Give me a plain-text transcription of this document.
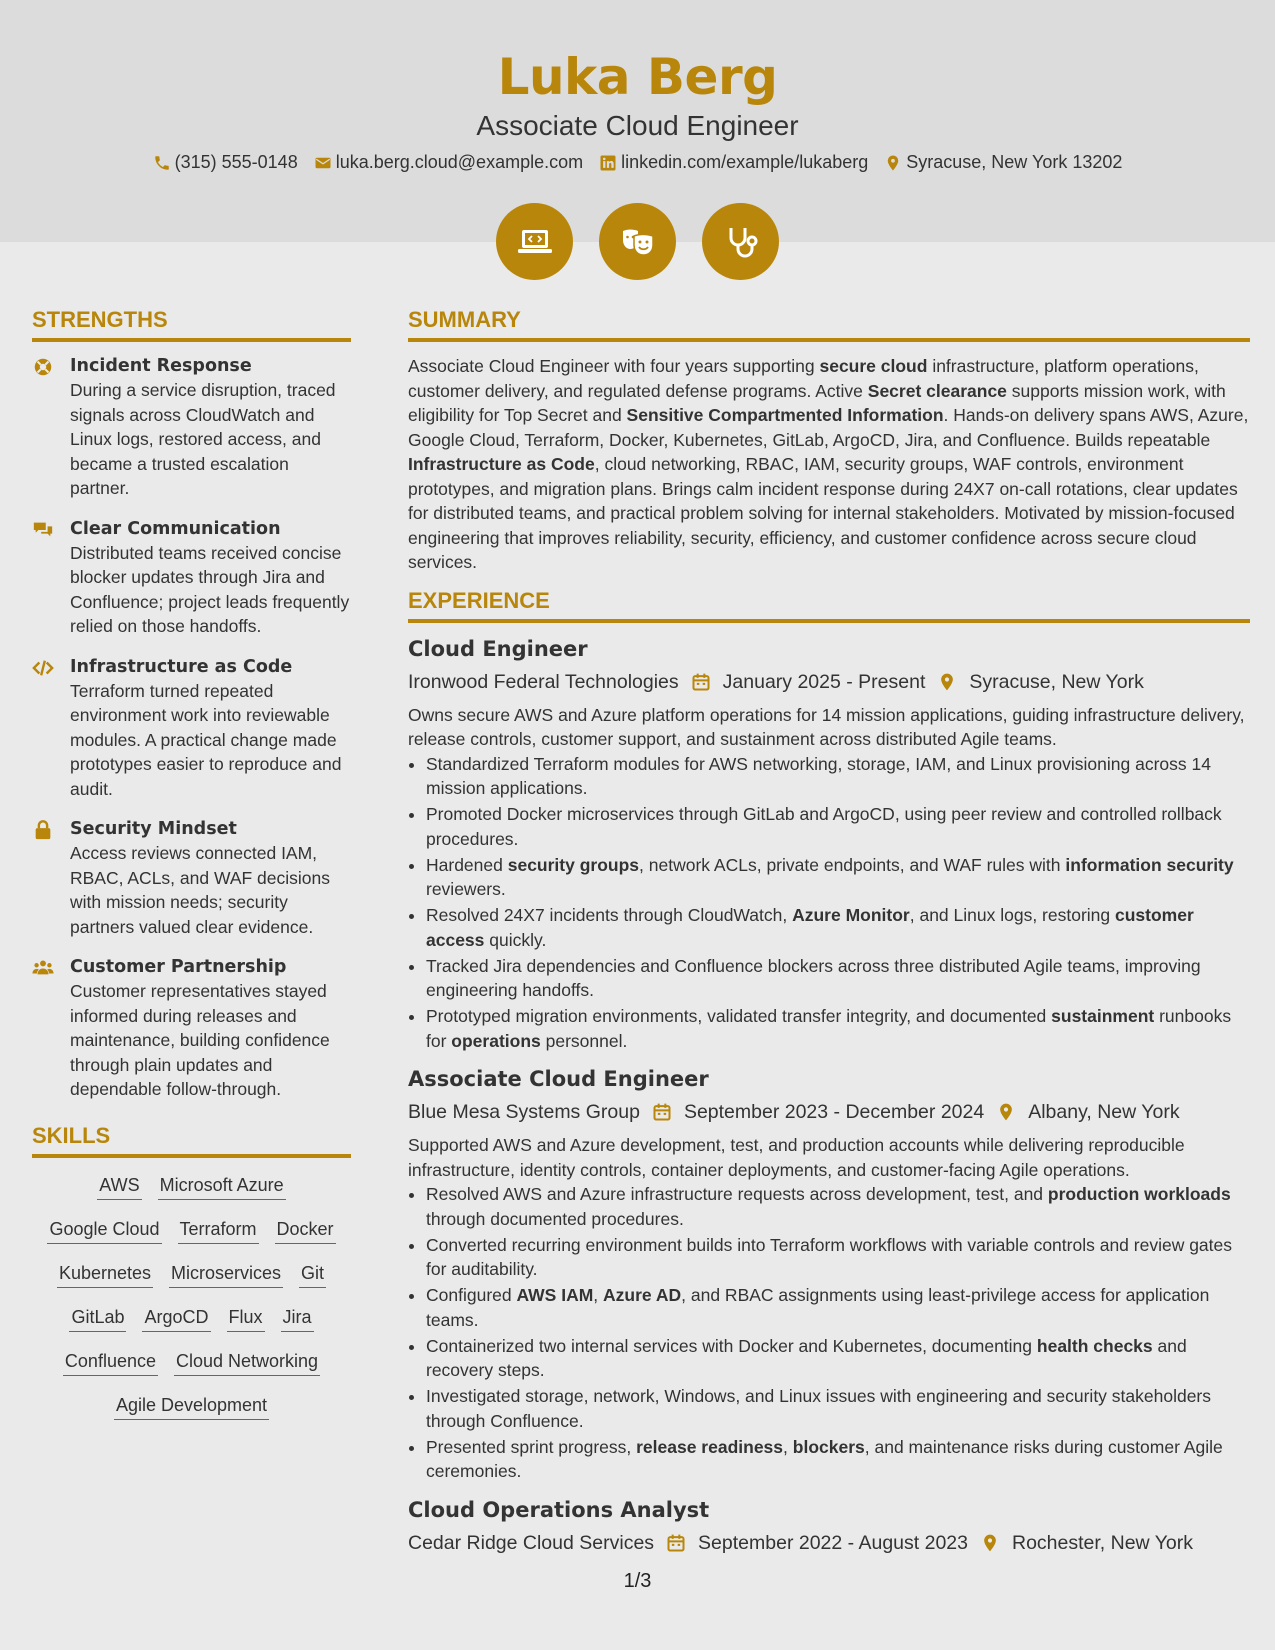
Luka Berg
Associate Cloud Engineer
(315) 555-0148 luka.berg.cloud@example.com linkedin.com/example/lukaberg Syracuse, New York 13202
STRENGTHS
Incident Response
During a service disruption, traced signals across CloudWatch and Linux logs, restored access, and became a trusted escalation partner.
Clear Communication
Distributed teams received concise blocker updates through Jira and Confluence; project leads frequently relied on those handoffs.
Infrastructure as Code
Terraform turned repeated environment work into reviewable modules. A practical change made prototypes easier to reproduce and audit.
Security Mindset
Access reviews connected IAM, RBAC, ACLs, and WAF decisions with mission needs; security partners valued clear evidence.
Customer Partnership
Customer representatives stayed informed during releases and maintenance, building confidence through plain updates and dependable follow-through.
SKILLS
AWS Microsoft Azure
Google Cloud Terraform Docker
Kubernetes Microservices Git
GitLab ArgoCD Flux Jira
Confluence Cloud Networking
Agile Development
SUMMARY
Associate Cloud Engineer with four years supporting secure cloud infrastructure, platform operations, customer delivery, and regulated defense programs. Active Secret clearance supports mission work, with eligibility for Top Secret and Sensitive Compartmented Information. Hands-on delivery spans AWS, Azure, Google Cloud, Terraform, Docker, Kubernetes, GitLab, ArgoCD, Jira, and Confluence. Builds repeatable Infrastructure as Code, cloud networking, RBAC, IAM, security groups, WAF controls, environment prototypes, and migration plans. Brings calm incident response during 24X7 on-call rotations, clear updates for distributed teams, and practical problem solving for internal stakeholders. Motivated by mission-focused engineering that improves reliability, security, efficiency, and customer confidence across secure cloud services.
EXPERIENCE
Cloud Engineer
Ironwood Federal Technologies January 2025 - Present Syracuse, New York
Owns secure AWS and Azure platform operations for 14 mission applications, guiding infrastructure delivery, release controls, customer support, and sustainment across distributed Agile teams.
• Standardized Terraform modules for AWS networking, storage, IAM, and Linux provisioning across 14 mission applications.
• Promoted Docker microservices through GitLab and ArgoCD, using peer review and controlled rollback procedures.
• Hardened security groups, network ACLs, private endpoints, and WAF rules with information security reviewers.
• Resolved 24X7 incidents through CloudWatch, Azure Monitor, and Linux logs, restoring customer access quickly.
• Tracked Jira dependencies and Confluence blockers across three distributed Agile teams, improving engineering handoffs.
• Prototyped migration environments, validated transfer integrity, and documented sustainment runbooks for operations personnel.
Associate Cloud Engineer
Blue Mesa Systems Group September 2023 - December 2024 Albany, New York
Supported AWS and Azure development, test, and production accounts while delivering reproducible infrastructure, identity controls, container deployments, and customer-facing Agile operations.
• Resolved AWS and Azure infrastructure requests across development, test, and production workloads through documented procedures.
• Converted recurring environment builds into Terraform workflows with variable controls and review gates for auditability.
• Configured AWS IAM, Azure AD, and RBAC assignments using least-privilege access for application teams.
• Containerized two internal services with Docker and Kubernetes, documenting health checks and recovery steps.
• Investigated storage, network, Windows, and Linux issues with engineering and security stakeholders through Confluence.
• Presented sprint progress, release readiness, blockers, and maintenance risks during customer Agile ceremonies.
Cloud Operations Analyst
Cedar Ridge Cloud Services September 2022 - August 2023 Rochester, New York
1/3
